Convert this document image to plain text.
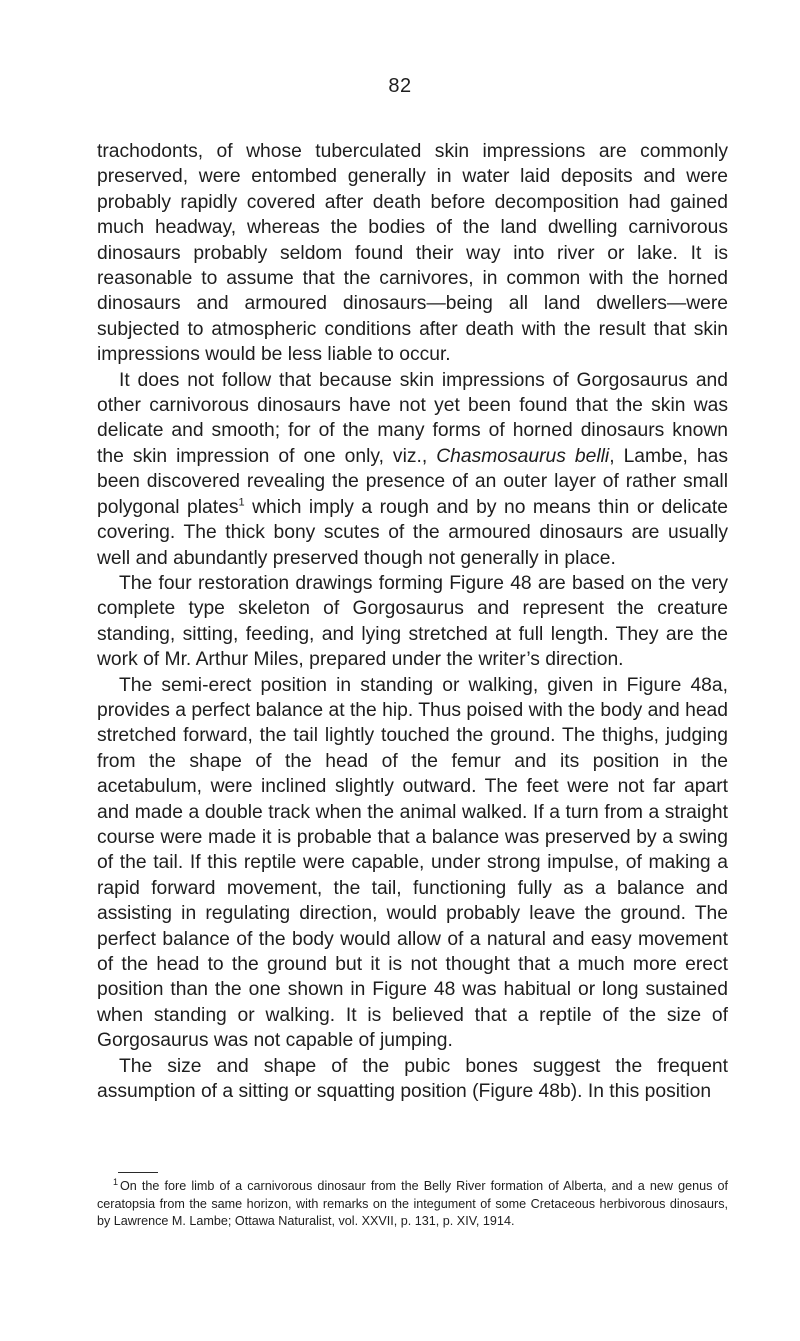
82

trachodonts, of whose tuberculated skin impressions are commonly preserved, were entombed generally in water laid deposits and were probably rapidly covered after death before decomposition had gained much headway, whereas the bodies of the land dwelling carnivorous dinosaurs probably seldom found their way into river or lake. It is reasonable to assume that the carnivores, in common with the horned dinosaurs and armoured dinosaurs—being all land dwellers—were subjected to atmospheric conditions after death with the result that skin impressions would be less liable to occur.

It does not follow that because skin impressions of Gorgosaurus and other carnivorous dinosaurs have not yet been found that the skin was delicate and smooth; for of the many forms of horned dinosaurs known the skin impression of one only, viz., Chasmosaurus belli, Lambe, has been discovered revealing the presence of an outer layer of rather small polygonal plates$^1$ which imply a rough and by no means thin or delicate covering. The thick bony scutes of the armoured dinosaurs are usually well and abundantly preserved though not generally in place.

The four restoration drawings forming Figure 48 are based on the very complete type skeleton of Gorgosaurus and represent the creature standing, sitting, feeding, and lying stretched at full length. They are the work of Mr. Arthur Miles, prepared under the writer’s direction.

The semi-erect position in standing or walking, given in Figure 48a, provides a perfect balance at the hip. Thus poised with the body and head stretched forward, the tail lightly touched the ground. The thighs, judging from the shape of the head of the femur and its position in the acetabulum, were inclined slightly outward. The feet were not far apart and made a double track when the animal walked. If a turn from a straight course were made it is probable that a balance was preserved by a swing of the tail. If this reptile were capable, under strong impulse, of making a rapid forward movement, the tail, functioning fully as a balance and assisting in regulating direction, would probably leave the ground. The perfect balance of the body would allow of a natural and easy movement of the head to the ground but it is not thought that a much more erect position than the one shown in Figure 48 was habitual or long sustained when standing or walking. It is believed that a reptile of the size of Gorgosaurus was not capable of jumping.

The size and shape of the pubic bones suggest the frequent assumption of a sitting or squatting position (Figure 48b). In this position

$^1$ On the fore limb of a carnivorous dinosaur from the Belly River formation of Alberta, and a new genus of ceratopsia from the same horizon, with remarks on the integument of some Cretaceous herbivorous dinosaurs, by Lawrence M. Lambe; Ottawa Naturalist, vol. XXVII, p. 131, p. XIV, 1914.
